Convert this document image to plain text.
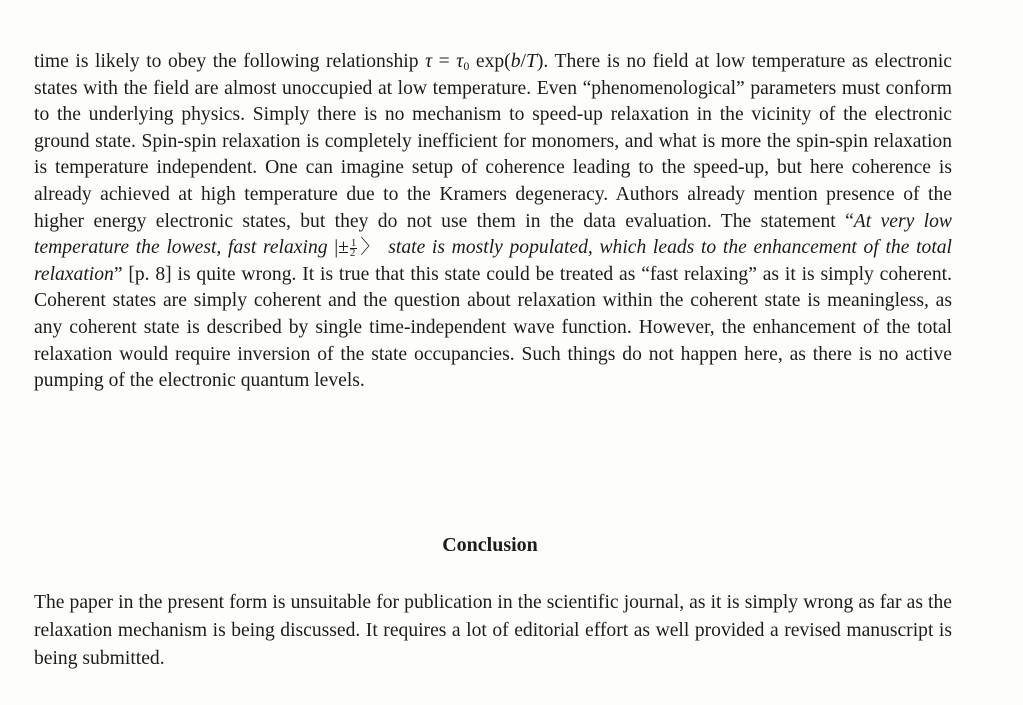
time is likely to obey the following relationship $\tau = \tau_0$ exp(b/T). There is no field at low temperature as electronic states with the field are almost unoccupied at low temperature. Even “phenomenological” parameters must conform to the underlying physics. Simply there is no mechanism to speed-up relaxation in the vicinity of the electronic ground state. Spin-spin relaxation is completely inefficient for monomers, and what is more the spin-spin relaxation is temperature independent. One can imagine setup of coherence leading to the speed-up, but here coherence is already achieved at high temperature due to the Kramers degeneracy. Authors already mention presence of the higher energy electronic states, but they do not use them in the data evaluation. The statement “At very low temperature the lowest, fast relaxing |± $\frac{1}{2}$ 〉 state is mostly populated, which leads to the enhancement of the total relaxation” [p. 8] is quite wrong. It is true that this state could be treated as “fast relaxing” as it is simply coherent. Coherent states are simply coherent and the question about relaxation within the coherent state is meaningless, as any coherent state is described by single time-independent wave function. However, the enhancement of the total relaxation would require inversion of the state occupancies. Such things do not happen here, as there is no active pumping of the electronic quantum levels.

Conclusion

The paper in the present form is unsuitable for publication in the scientific journal, as it is simply wrong as far as the relaxation mechanism is being discussed. It requires a lot of editorial effort as well provided a revised manuscript is being submitted.
